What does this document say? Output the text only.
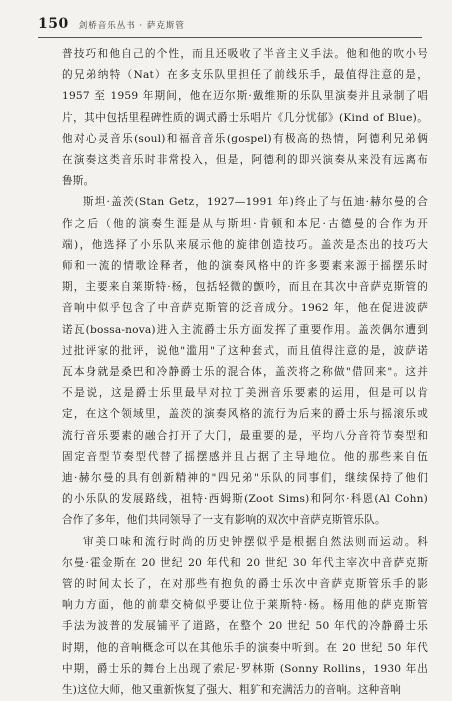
150 剑桥音乐丛书 · 萨克斯管
普技巧和他自己的个性，而且还吸收了半音主义手法。他和他的吹小号
的兄弟纳特（Nat）在多支乐队里担任了前线乐手，最值得注意的是，
1957 至 1959 年期间，他在迈尔斯·戴维斯的乐队里演奏并且录制了唱
片，其中包括里程碑性质的调式爵士乐唱片《几分忧郁》(Kind of Blue)。
他对心灵音乐(soul)和福音音乐(gospel)有极高的热情，阿德利兄弟俩
在演奏这类音乐时非常投入，但是，阿德利的即兴演奏从来没有远离布
鲁斯。
斯坦·盖茨(Stan Getz，1927—1991 年)终止了与伍迪·赫尔曼的合
作之后（他的演奏生涯是从与斯坦·肯顿和本尼·古德曼的合作为开
端)，他选择了小乐队来展示他的旋律创造技巧。盖茨是杰出的技巧大
师和一流的情歌诠释者，他的演奏风格中的许多要素来源于摇摆乐时
期，主要来自莱斯特·杨，包括轻微的颤吟，而且在其次中音萨克斯管的
音响中似乎包含了中音萨克斯管的泛音成分。1962 年，他在促进波萨
诺瓦(bossa-nova)进入主流爵士乐方面发挥了重要作用。盖茨偶尔遭到
过批评家的批评，说他"滥用"了这种套式，而且值得注意的是，波萨诺
瓦本身就是桑巴和冷静爵士乐的混合体，盖茨将之称做"借回来"。这并
不是说，这是爵士乐里最早对拉丁美洲音乐要素的运用，但是可以肯
定，在这个领域里，盖茨的演奏风格的流行为后来的爵士乐与摇滚乐或
流行音乐要素的融合打开了大门，最重要的是，平均八分音符节奏型和
固定音型节奏型代替了摇摆感并且占据了主导地位。他的那些来自伍
迪·赫尔曼的具有创新精神的"四兄弟"乐队的同事们，继续保持了他们
的小乐队的发展路线，祖特·西姆斯(Zoot Sims)和阿尔·科恩(Al Cohn)
合作了多年，他们共同领导了一支有影响的双次中音萨克斯管乐队。
审美口味和流行时尚的历史钟摆似乎是根据自然法则而运动。科
尔曼·霍金斯在 20 世纪 20 年代和 20 世纪 30 年代主宰次中音萨克斯
管的时间太长了，在对那些有抱负的爵士乐次中音萨克斯管乐手的影
响力方面，他的前辈交椅似乎要让位于莱斯特·杨。杨用他的萨克斯管
手法为波普的发展铺平了道路，在整个 20 世纪 50 年代的冷静爵士乐
时期，他的音响概念可以在其他乐手的演奏中听到。在 20 世纪 50 年代
中期，爵士乐的舞台上出现了索尼·罗林斯 (Sonny Rollins，1930 年出
生)这位大师，他又重新恢复了强大、粗犷和充满活力的音响。这种音响
